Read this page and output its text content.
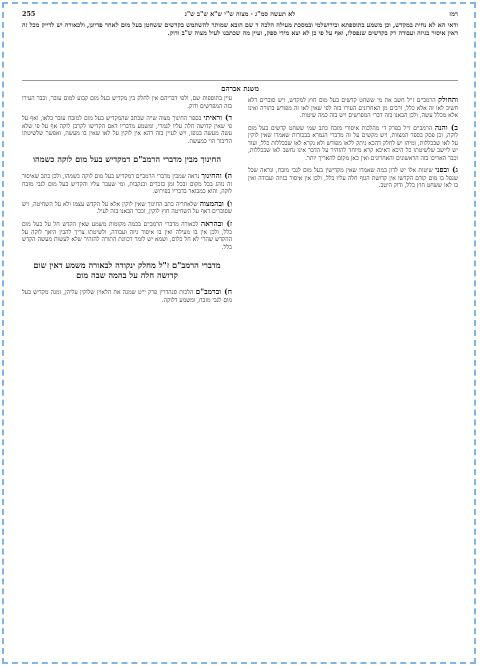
רמז
לא תעשה סמ"ג · מצוה ש"י ש"א ש"ב ש"ג
255
ודאי הא לא נחית במקדש, וכן משמע בתוספתא ובירושלמי ובמסכת מעילה הלכה ד שם הובא שמותר להשתמש בקדשים ששחטן בעל מום לאחר פדיונן, ולכאורה יש לדייק מכל זה דאין איסור בגיזה ועבודה רק בקדשים שנפסלו, ואף על פי כן לא יצא מידי ספק, ועיין מה שכתבנו לעיל מצוה ש"ב ודוק.
משנת אברהם

והחולק הרמב"ם ז"ל חשב את מי ששחט קדשים בעל מום חוץ למקדש, ויש סוברים דלא חשיב לאו זה אלא כלל, ורבים מן האחרונים העירו בזה לפי שאין לאו זה מפורש בתורה ואינו אלא מכלל עשה, ולכן הבאנו בזה דברי המפרשים ויש בזה כמה שיטות.

ב) והנה הרמב"ם ז"ל בפרק ד' מהלכות איסורי מזבח כתב שמי ששחט קדשים בעל מום לוקה, וכן פסק בספר המצוות, ויש מקשים על זה מדברי הגמרא בבכורות שאמרו שאין לוקין על לאו שבכללות, ומיהו יש לחלק דהכא ניתק ללאו מפורש ולא נקרא לאו שבכללות כלל, ועוד יש ליישב שלשיטתו כל היכא דאיכא קרא מיוחד להזהיר על הדבר אינו נחשב לאו שבכללות, וכבר האריכו בזה הראשונים והאחרונים ואין כאן מקום להאריך יותר.

ג) ובפני שיטות אלו יש לדון במה שאמרו שאין מקדישין בעל מום לגבי מזבח, ונראה שכל שנפל בו מום קודם הקדשו אין קדושת הגוף חלה עליו כלל, ולכן אין איסור בגיזה ועבודה ואין בו לאו ששחט חוץ כלל, ודוק היטב.

עיין בתוספות שם, ולפי דבריהם אין לחלק בין מקדיש בעל מום קבוע למום עובר, וכבר העירו בזה המפרשים ודוק.

ד) וראיתי בספר החינוך מצוה ש"ה שכתב שהמקדיש בעל מום למזבח עובר בלאו, ואף על פי שאין קדושה חלה עליו לגמרי, ומשמע מדבריו דאם הקדישו לקרבן לוקה אף על פי שלא עשה מעשה בגופו, ויש לעיין בזה דהא אין לוקין על לאו שאין בו מעשה, ואפשר שלשיטתו הדיבור הוי כמעשה.

החינוך מבין מדברי הרמב"ם דמקדיש בעל מום לוקה כשמהו

ה) והחינוך נראה שמבין מדברי הרמב"ם דמקדיש בעל מום לוקה כשמהו, ולכן כתב שאיסור זה נוהג בכל מקום ובכל זמן בזכרים ובנקבות, ומי שעבר עליו והקדיש בעל מום לגבי מזבח לוקה, והוא כמבואר בדבריו בפירוש.

ו) ובהמצוה שלאחריה כתב החינוך שאין לוקין אלא על הקדש עצמו ולא על השחיטה, ויש שסוברים דאף על השחיטה חוץ לוקין, וכבר הבאנו בזה לעיל.

ז) ובהראה לכאורה מדברי הרמב"ם בכמה מקומות משמע שאין הקדש חל על בעל מום כלל, ולכן אין בו מעילה ואין בו איסור גיזה ועבודה, ולשיטתו צריך להבין היאך לוקה על ההקדש שהרי לא חל כלום, ושמא יש לומר דכוונת התורה להזהיר שלא לעשות מעשה הקדש כלל.

מדברי הרמב"ם ז"ל מחלק ינקודה לבאורה משמע דאין שום קדושה חלה על בהמה שבה מום

ח) וברמב"ם הלכות סנהדרין פרק י"ט שמנה את הלאוין שלוקין עליהן, ומנה מקדיש בעל מום לגבי מזבח, ומשמע דלוקה.
